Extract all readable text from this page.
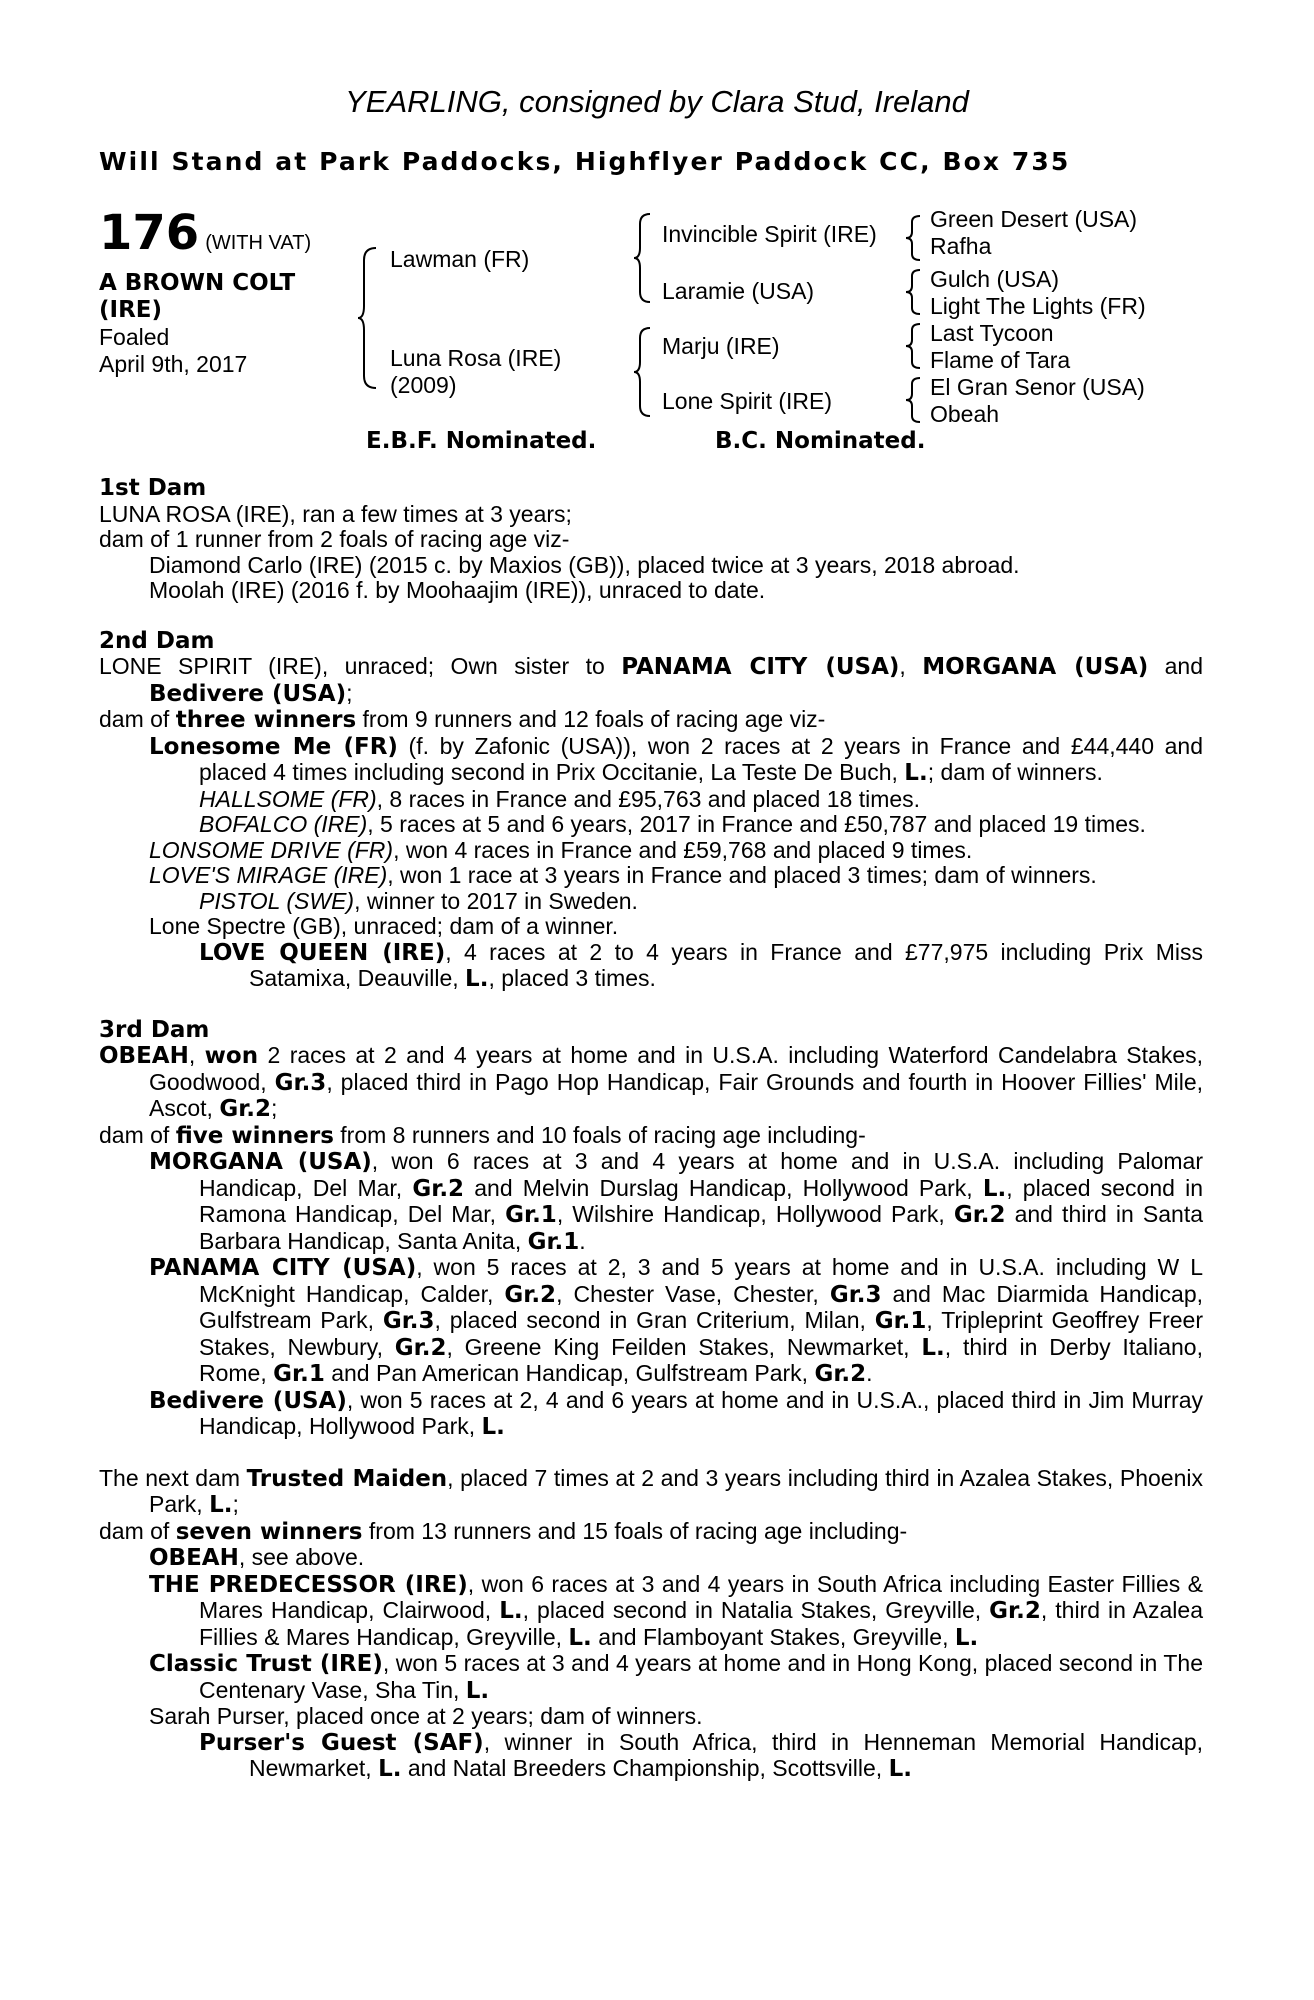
YEARLING, consigned by Clara Stud, Ireland
Will Stand at Park Paddocks, Highflyer Paddock CC, Box 735
176 (WITH VAT)
A BROWN COLT (IRE)
Foaled
April 9th, 2017
Lawman (FR)
Luna Rosa (IRE)
(2009)
Invincible Spirit (IRE)
Laramie (USA)
Marju (IRE)
Lone Spirit (IRE)
Green Desert (USA)
Rafha
Gulch (USA)
Light The Lights (FR)
Last Tycoon
Flame of Tara
El Gran Senor (USA)
Obeah
E.B.F. Nominated.	B.C. Nominated.

1st Dam

LUNA ROSA (IRE), ran a few times at 3 years;

dam of 1 runner from 2 foals of racing age viz-

Diamond Carlo (IRE) (2015 c. by Maxios (GB)), placed twice at 3 years, 2018 abroad.

Moolah (IRE) (2016 f. by Moohaajim (IRE)), unraced to date.

2nd Dam

LONE SPIRIT (IRE), unraced; Own sister to PANAMA CITY (USA), MORGANA (USA) and Bedivere (USA);

dam of three winners from 9 runners and 12 foals of racing age viz-

Lonesome Me (FR) (f. by Zafonic (USA)), won 2 races at 2 years in France and £44,440 and placed 4 times including second in Prix Occitanie, La Teste De Buch, L.; dam of winners.

HALLSOME (FR), 8 races in France and £95,763 and placed 18 times.

BOFALCO (IRE), 5 races at 5 and 6 years, 2017 in France and £50,787 and placed 19 times.

LONSOME DRIVE (FR), won 4 races in France and £59,768 and placed 9 times.

LOVE'S MIRAGE (IRE), won 1 race at 3 years in France and placed 3 times; dam of winners.

PISTOL (SWE), winner to 2017 in Sweden.

Lone Spectre (GB), unraced; dam of a winner.

LOVE QUEEN (IRE), 4 races at 2 to 4 years in France and £77,975 including Prix Miss Satamixa, Deauville, L., placed 3 times.

3rd Dam

OBEAH, won 2 races at 2 and 4 years at home and in U.S.A. including Waterford Candelabra Stakes, Goodwood, Gr.3, placed third in Pago Hop Handicap, Fair Grounds and fourth in Hoover Fillies' Mile, Ascot, Gr.2;

dam of five winners from 8 runners and 10 foals of racing age including-

MORGANA (USA), won 6 races at 3 and 4 years at home and in U.S.A. including Palomar Handicap, Del Mar, Gr.2 and Melvin Durslag Handicap, Hollywood Park, L., placed second in Ramona Handicap, Del Mar, Gr.1, Wilshire Handicap, Hollywood Park, Gr.2 and third in Santa Barbara Handicap, Santa Anita, Gr.1.

PANAMA CITY (USA), won 5 races at 2, 3 and 5 years at home and in U.S.A. including W L McKnight Handicap, Calder, Gr.2, Chester Vase, Chester, Gr.3 and Mac Diarmida Handicap, Gulfstream Park, Gr.3, placed second in Gran Criterium, Milan, Gr.1, Tripleprint Geoffrey Freer Stakes, Newbury, Gr.2, Greene King Feilden Stakes, Newmarket, L., third in Derby Italiano, Rome, Gr.1 and Pan American Handicap, Gulfstream Park, Gr.2.

Bedivere (USA), won 5 races at 2, 4 and 6 years at home and in U.S.A., placed third in Jim Murray Handicap, Hollywood Park, L.

The next dam Trusted Maiden, placed 7 times at 2 and 3 years including third in Azalea Stakes, Phoenix Park, L.;

dam of seven winners from 13 runners and 15 foals of racing age including-

OBEAH, see above.

THE PREDECESSOR (IRE), won 6 races at 3 and 4 years in South Africa including Easter Fillies & Mares Handicap, Clairwood, L., placed second in Natalia Stakes, Greyville, Gr.2, third in Azalea Fillies & Mares Handicap, Greyville, L. and Flamboyant Stakes, Greyville, L.

Classic Trust (IRE), won 5 races at 3 and 4 years at home and in Hong Kong, placed second in The Centenary Vase, Sha Tin, L.

Sarah Purser, placed once at 2 years; dam of winners.

Purser's Guest (SAF), winner in South Africa, third in Henneman Memorial Handicap, Newmarket, L. and Natal Breeders Championship, Scottsville, L.
